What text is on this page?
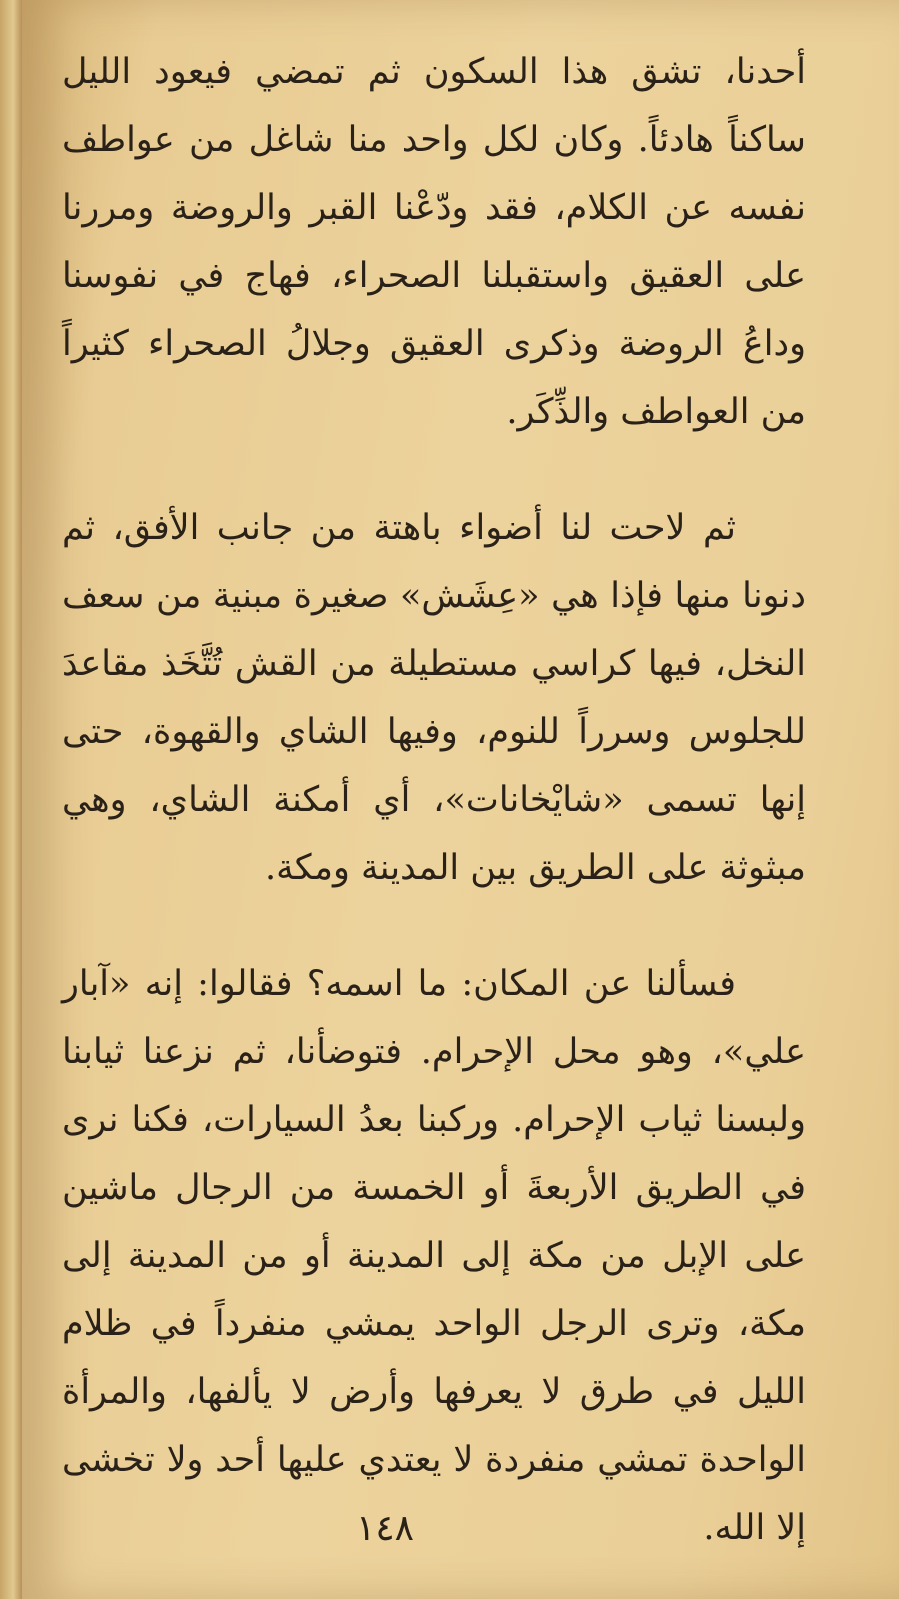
أحدنا، تشق هذا السكون ثم تمضي فيعود الليل ساكناً هادئاً. وكان لكل واحد منا شاغل من عواطف نفسه عن الكلام، فقد ودّعْنا القبر والروضة ومررنا على العقيق واستقبلنا الصحراء، فهاج في نفوسنا وداعُ الروضة وذكرى العقيق وجلالُ الصحراء كثيراً من العواطف والذِّكَر.

ثم لاحت لنا أضواء باهتة من جانب الأفق، ثم دنونا منها فإذا هي «عِشَش» صغيرة مبنية من سعف النخل، فيها كراسي مستطيلة من القش تُتَّخَذ مقاعدَ للجلوس وسرراً للنوم، وفيها الشاي والقهوة، حتى إنها تسمى «شايْخانات»، أي أمكنة الشاي، وهي مبثوثة على الطريق بين المدينة ومكة.

فسألنا عن المكان: ما اسمه؟ فقالوا: إنه «آبار علي»، وهو محل الإحرام. فتوضأنا، ثم نزعنا ثيابنا ولبسنا ثياب الإحرام. وركبنا بعدُ السيارات، فكنا نرى في الطريق الأربعةَ أو الخمسة من الرجال ماشين على الإبل من مكة إلى المدينة أو من المدينة إلى مكة، وترى الرجل الواحد يمشي منفرداً في ظلام الليل في طرق لا يعرفها وأرض لا يألفها، والمرأة الواحدة تمشي منفردة لا يعتدي عليها أحد ولا تخشى إلا الله.

١٤٨
